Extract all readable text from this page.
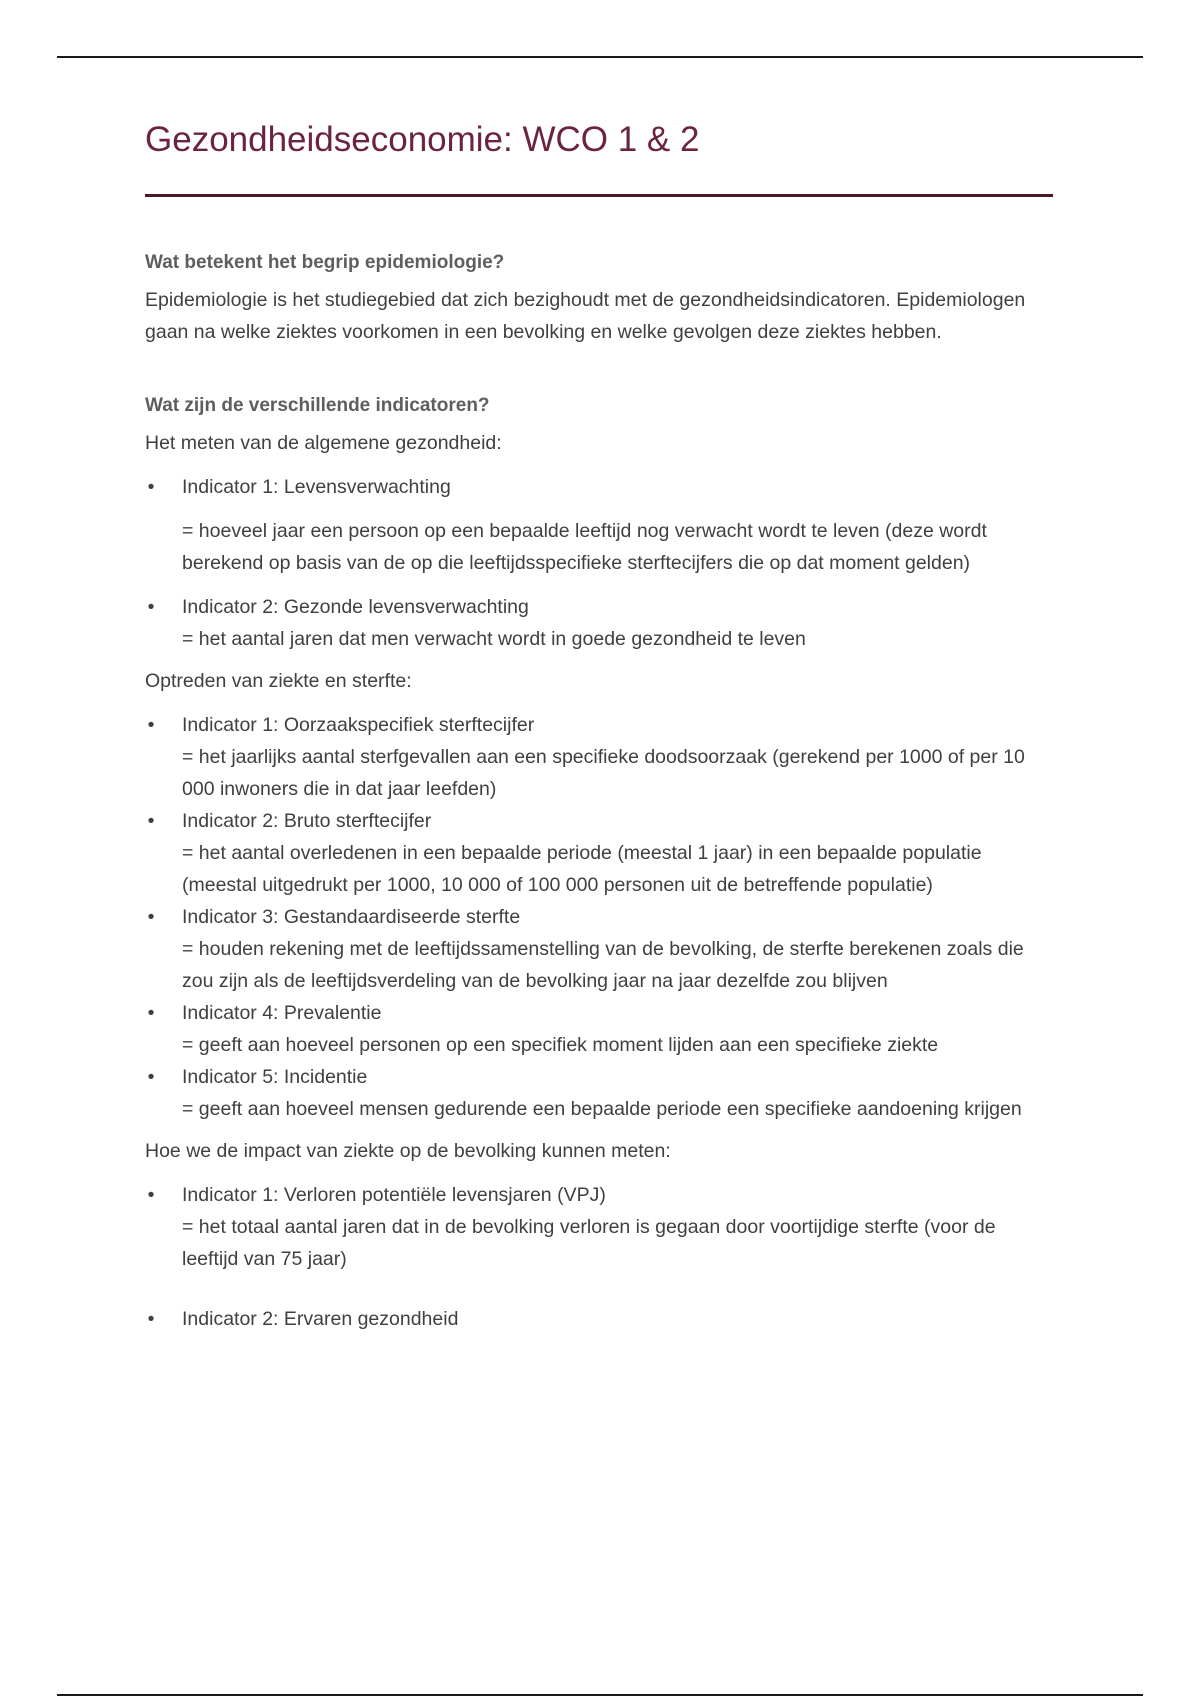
Gezondheidseconomie: WCO 1 & 2
Wat betekent het begrip epidemiologie?

Epidemiologie is het studiegebied dat zich bezighoudt met de gezondheidsindicatoren. Epidemiologen gaan na welke ziektes voorkomen in een bevolking en welke gevolgen deze ziektes hebben.

Wat zijn de verschillende indicatoren?

Het meten van de algemene gezondheid:

• Indicator 1: Levensverwachting
= hoeveel jaar een persoon op een bepaalde leeftijd nog verwacht wordt te leven (deze wordt berekend op basis van de op die leeftijdsspecifieke sterftecijfers die op dat moment gelden)
• Indicator 2: Gezonde levensverwachting
= het aantal jaren dat men verwacht wordt in goede gezondheid te leven

Optreden van ziekte en sterfte:

• Indicator 1: Oorzaakspecifiek sterftecijfer
= het jaarlijks aantal sterfgevallen aan een specifieke doodsoorzaak (gerekend per 1000 of per 10 000 inwoners die in dat jaar leefden)
• Indicator 2: Bruto sterftecijfer
= het aantal overledenen in een bepaalde periode (meestal 1 jaar) in een bepaalde populatie (meestal uitgedrukt per 1000, 10 000 of 100 000 personen uit de betreffende populatie)
• Indicator 3: Gestandaardiseerde sterfte
= houden rekening met de leeftijdssamenstelling van de bevolking, de sterfte berekenen zoals die zou zijn als de leeftijdsverdeling van de bevolking jaar na jaar dezelfde zou blijven
• Indicator 4: Prevalentie
= geeft aan hoeveel personen op een specifiek moment lijden aan een specifieke ziekte
• Indicator 5: Incidentie
= geeft aan hoeveel mensen gedurende een bepaalde periode een specifieke aandoening krijgen

Hoe we de impact van ziekte op de bevolking kunnen meten:

• Indicator 1: Verloren potentiële levensjaren (VPJ)
= het totaal aantal jaren dat in de bevolking verloren is gegaan door voortijdige sterfte (voor de leeftijd van 75 jaar)
• Indicator 2: Ervaren gezondheid
